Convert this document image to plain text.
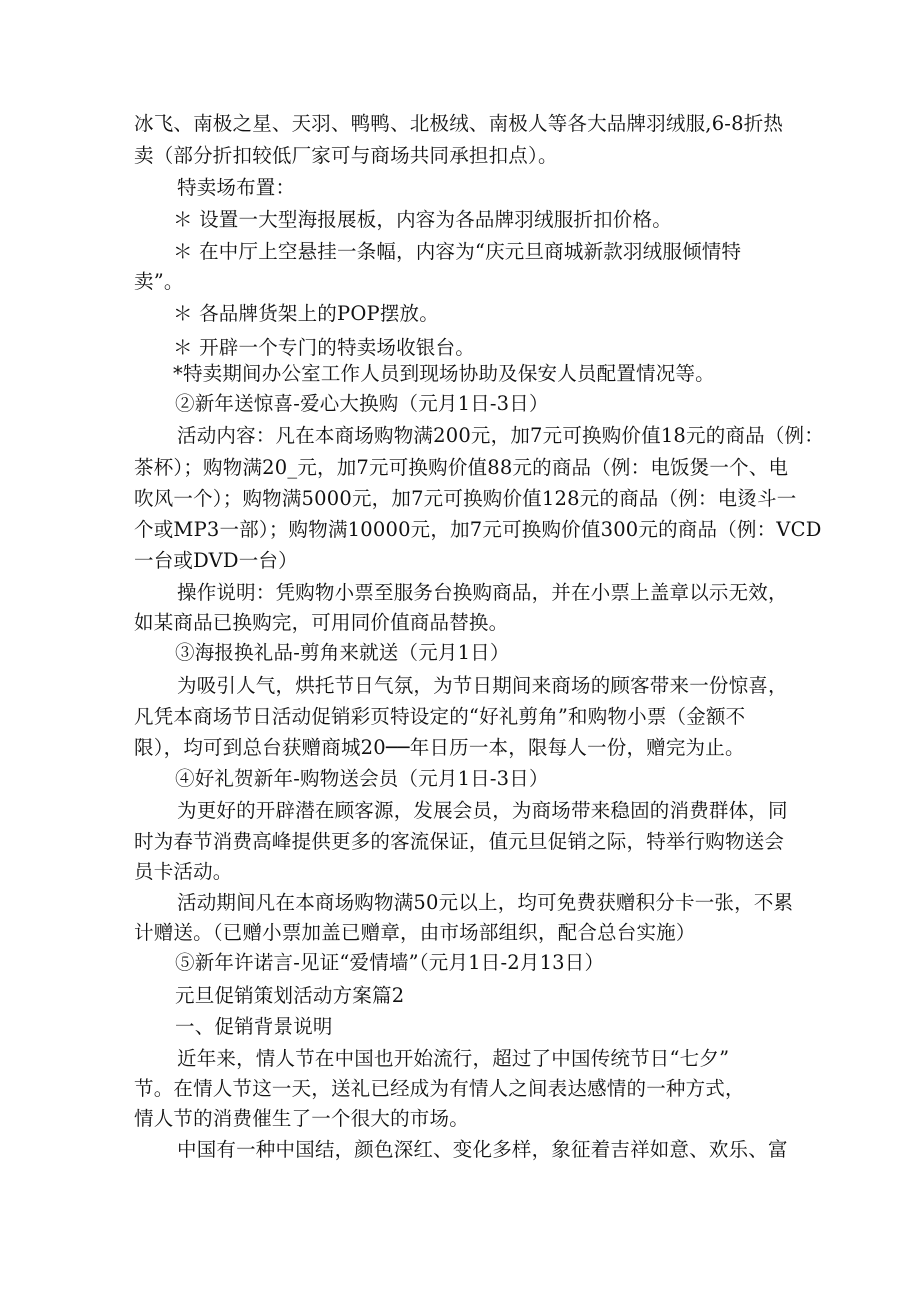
冰飞、南极之星、天羽、鸭鸭、北极绒、南极人等各大品牌羽绒服,6-8折热
卖（部分折扣较低厂家可与商场共同承担扣点）。
特卖场布置：
＊ 设置一大型海报展板，内容为各品牌羽绒服折扣价格。
＊ 在中厅上空悬挂一条幅，内容为“庆元旦商城新款羽绒服倾情特
卖”。
＊ 各品牌货架上的POP摆放。
＊ 开辟一个专门的特卖场收银台。
*特卖期间办公室工作人员到现场协助及保安人员配置情况等。
②新年送惊喜-爱心大换购（元月1日-3日）
活动内容：凡在本商场购物满200元，加7元可换购价值18元的商品（例：
茶杯）；购物满20_元，加7元可换购价值88元的商品（例：电饭煲一个、电
吹风一个）；购物满5000元，加7元可换购价值128元的商品（例：电烫斗一
个或MP3一部）；购物满10000元，加7元可换购价值300元的商品（例：VCD
一台或DVD一台）
操作说明：凭购物小票至服务台换购商品，并在小票上盖章以示无效，
如某商品已换购完，可用同价值商品替换。
③海报换礼品-剪角来就送（元月1日）
为吸引人气，烘托节日气氛，为节日期间来商场的顾客带来一份惊喜，
凡凭本商场节日活动促销彩页特设定的“好礼剪角”和购物小票（金额不
限），均可到总台获赠商城20──年日历一本，限每人一份，赠完为止。
④好礼贺新年-购物送会员（元月1日-3日）
为更好的开辟潜在顾客源，发展会员，为商场带来稳固的消费群体，同
时为春节消费高峰提供更多的客流保证，值元旦促销之际，特举行购物送会
员卡活动。
活动期间凡在本商场购物满50元以上，均可免费获赠积分卡一张，不累
计赠送。（已赠小票加盖已赠章，由市场部组织，配合总台实施）
⑤新年许诺言-见证“爱情墙”（元月1日-2月13日）
元旦促销策划活动方案篇2
一、促销背景说明
近年来，情人节在中国也开始流行，超过了中国传统节日“七夕”
节。在情人节这一天，送礼已经成为有情人之间表达感情的一种方式，
情人节的消费催生了一个很大的市场。
中国有一种中国结，颜色深红、变化多样，象征着吉祥如意、欢乐、富
